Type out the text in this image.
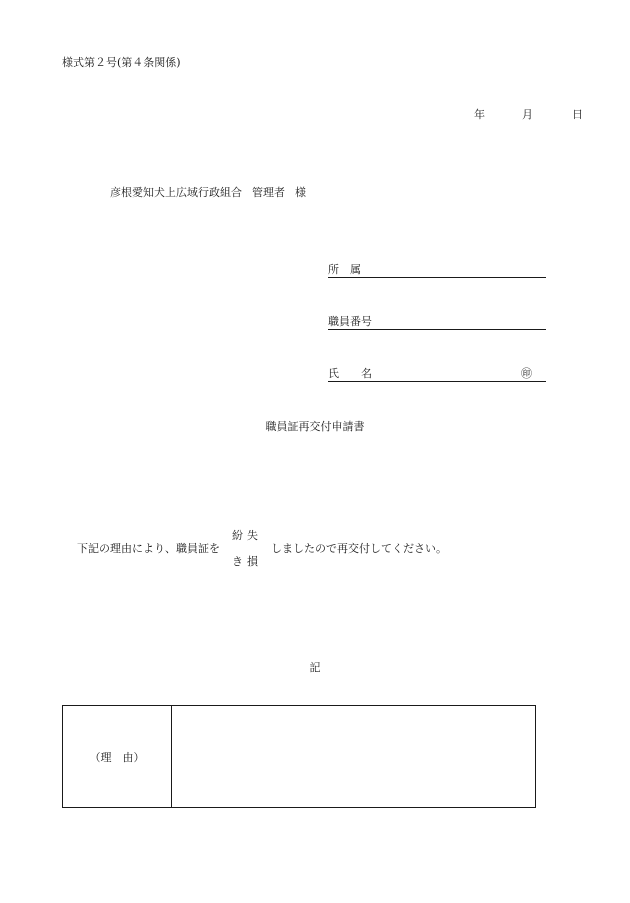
様式第２号(第４条関係)
年	月	日
彦根愛知犬上広域行政組合 管理者 様
所　属
職員番号
氏　　名	㊞
職員証再交付申請書
下記の理由により、職員証を
紛失
き損
しましたので再交付してください。
記
（理　由）
